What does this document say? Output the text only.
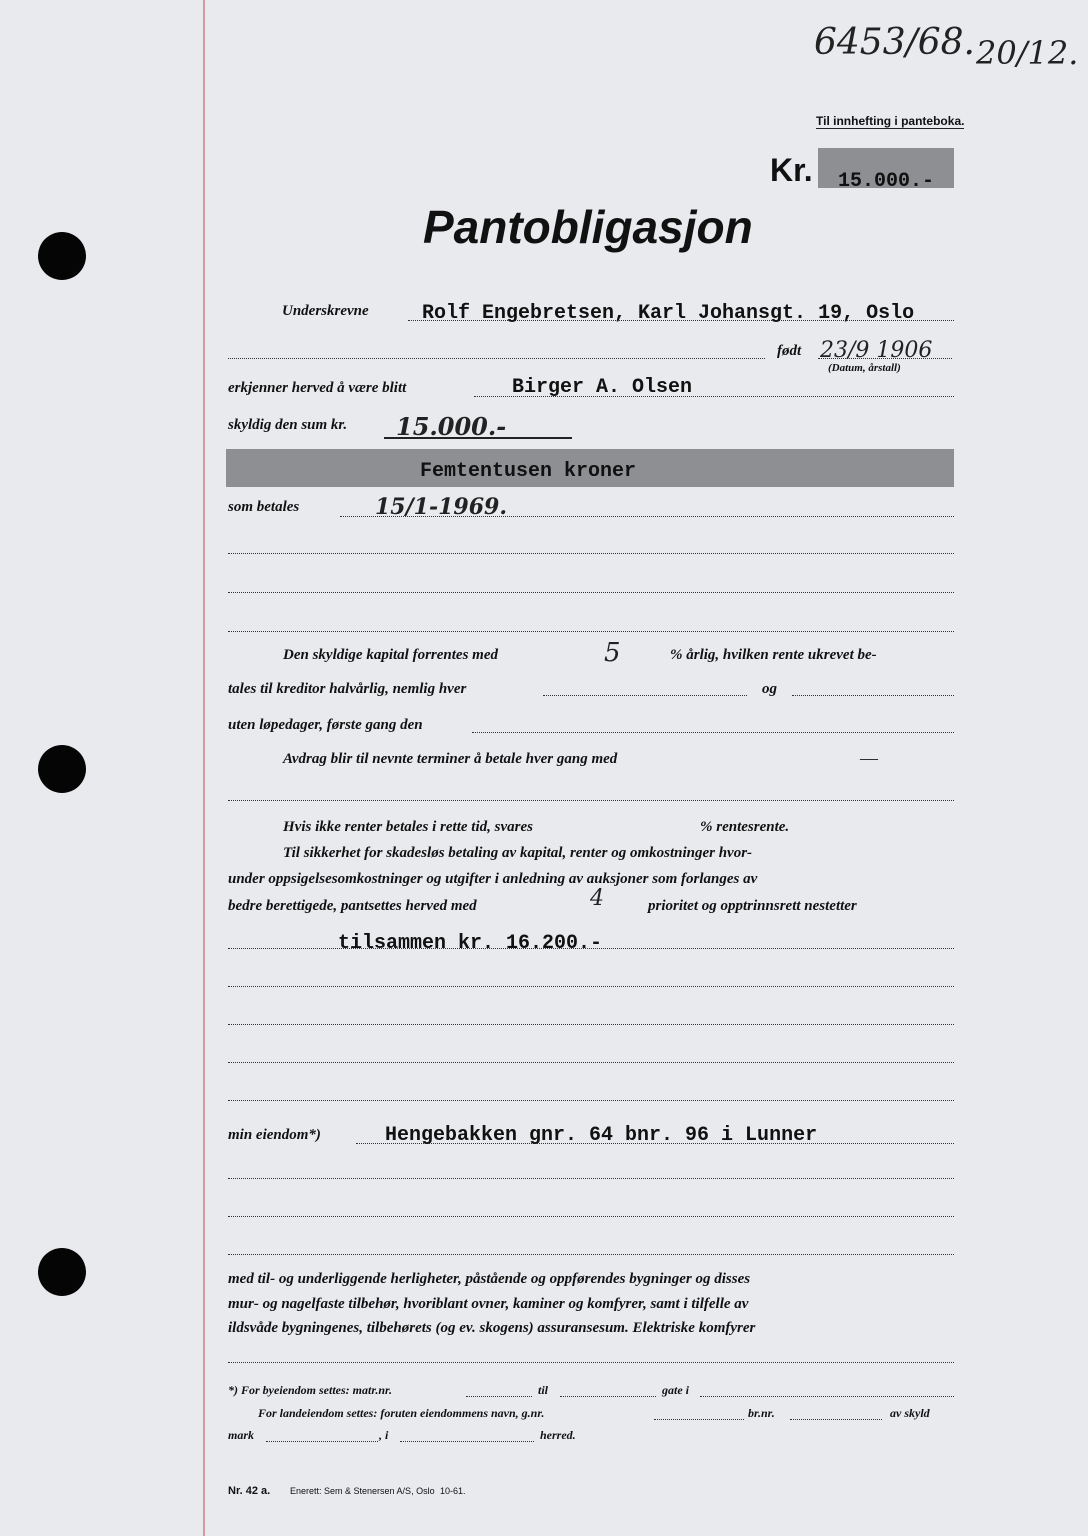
6453/68. 20/12.
Til innhefting i panteboka.
Kr. 15.000.-
Pantobligasjon
Underskrevne	Rolf Engebretsen, Karl Johansgt. 19, Oslo
født 23/9 1906
(Datum, årstall)
erkjenner herved å være blitt	Birger A. Olsen
skyldig den sum kr. 15.000.-
Femtentusen kroner
som betales	15/1-1969.
Den skyldige kapital forrentes med	5	% årlig, hvilken rente ukrevet be-
tales til kreditor halvårlig, nemlig hver	og
uten løpedager, første gang den
Avdrag blir til nevnte terminer å betale hver gang med	—
Hvis ikke renter betales i rette tid, svares	% rentesrente.
Til sikkerhet for skadesløs betaling av kapital, renter og omkostninger hvor-
under oppsigelsesomkostninger og utgifter i anledning av auksjoner som forlanges av
bedre berettigede, pantsettes herved med	4	prioritet og opptrinnsrett nestetter
tilsammen kr. 16.200.-
min eiendom*)	Hengebakken gnr. 64 bnr. 96 i Lunner
med til- og underliggende herligheter, påstående og oppførendes bygninger og disses
mur- og nagelfaste tilbehør, hvoriblant ovner, kaminer og komfyrer, samt i tilfelle av
ildsvåde bygningenes, tilbehørets (og ev. skogens) assuransesum. Elektriske komfyrer
*) For byeiendom settes: matr.nr.	til	gate i
For landeiendom settes: foruten eiendommens navn, g.nr.	br.nr.	av skyld
mark	, i	herred.
Nr. 42 a. Enerett: Sem & Stenersen A/S, Oslo 10-61.
